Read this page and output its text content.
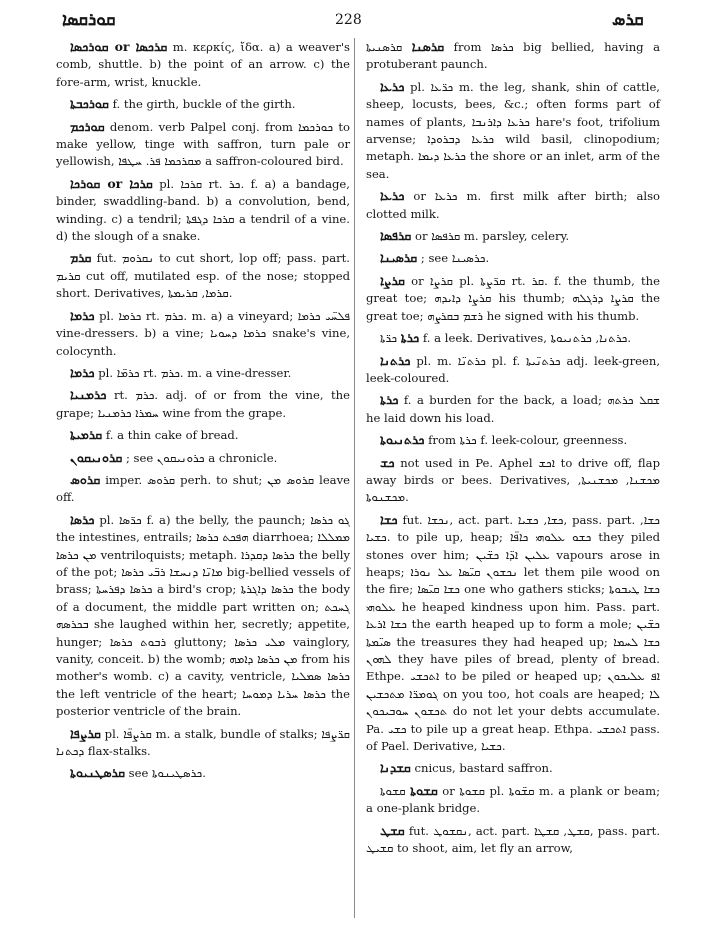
ܩܘܪܩܣܐ	228	ܩܪܣ

ܩܘܪܟܣܐ or ܩܪܟܣܐ m. κερκίς, ἴδα. a) a weaver's comb, shuttle. b) the point of an arrow. c) the fore-arm, wrist, knuckle.

ܩܘܪܟܒܬܐ f. the girth, buckle of the girth.

ܩܘܪܟܡ denom. verb Palpel conj. from ܟܘܪܟܡܐ to make yellow, tinge with saffron, turn pale or yellowish, ܡܩܪܟܡܐ ܦܪ. ܚܛܦܐ a saffron-coloured bird.

ܩܘܪܟܐ or ܩܪܟܐ pl. ܩܪܟܐ rt. ܟܪ. f. a) a bandage, binder, swaddling-band. b) a convolution, bend, winding. c) a tendril; ܩܪܟܐ ܕܓܦܬܐ a tendril of a vine. d) the slough of a snake.

ܩܪܡ fut. ܢܩܪܘܡ to cut short, lop off; pass. part. ܩܪܝܡ cut off, mutilated esp. of the nose; stopped short. Derivatives, ܩܪܡܐ, ܩܪܝܡܬܐ.

ܟܪܡܐ pl. ܟܪܡܐ rt. ܟܪܡ. m. a) a vineyard; ܦܠܚ̈ܝ ܟܪܡܐ vine-dressers. b) a vine; ܟܪܡܐ ܕܚܘܝܐ snake's vine, colocynth.

ܟܪܡܐ pl. ܟܪܡ̈ܐ rt. ܟܪܡ. m. a vine-dresser.

ܟܪܡܢܝܐ rt. ܟܪܡ. adj. of or from the vine, the grape; ܚܡܪܐ ܟܪܡܢܝܐ wine from the grape.

ܩܪܡܝܬܐ f. a thin cake of bread.

ܩܪܘܢܝܩܘܢ ; see ܟܪܘܢܝܩܘܢ a chronicle.

ܩܪܘܣ imper. ܩܪܘܣ perh. to shut; ܩܪܘܣ ܡܢ leave off.

ܟܪܣܐ pl. ܟܪ̈ܣܐ f. a) the belly, the paunch; ܓܘ ܟܪܣܐ the intestines, entrails; ܗܦܟܬ ܟܪܣܐ diarrhoea; ܡܡܠܠܐ ܡܢ ܟܪܣܐ ventriloquists; metaph. ܟܪܣܐ ܕܩܕܪܐ the belly of the pot; ܡܐܢ̈ܐ ܕܢܚܫܐ ܪܒ̈ܝ ܟܪܣܐ big-bellied vessels of brass; ܟܪܣܐ ܕܦܪܚܬܐ a bird's crop; ܟܪܣܐ ܕܐܓܪܬܐ the body of a document, the middle part written on; ܓܚܟܬ ܒܟܪܣܗ she laughed within her, secretly; appetite, hunger; ܪܒܘܬ ܟܪܣܐ gluttony; ܡܠܝ ܟܪܣܐ vainglory, vanity, conceit. b) the womb; ܡܢ ܟܪܣܐ ܕܐܡܗ from his mother's womb. c) a cavity, ventricle, ܟܪܣܐ ܣܡܠܝܐ the left ventricle of the heart; ܟܪܣܐ ܚܪܝܐ ܕܡܘܚܐ the posterior ventricle of the brain.

ܩܪܨܦܐ pl. ܩܪܨܦ̈ܐ m. a stalk, bundle of stalks; ܩܪ̈ܨܦܐ ܕܟܬܢܐ flax-stalks.

ܩܪܣܛܢܝܘܬܐ see ܟܪܣܛܝܢܘܬܐ.

ܩܪܣܢܐ ܩܪܣܢܝܬܐ from ܟܪܣܐ big bellied, having a protuberant paunch.

ܟܪܥܐ pl. ܟܪ̈ܥܐ m. the leg, shank, shin of cattle, sheep, locusts, bees, &c.; often forms part of names of plants, ܟܪܥܐ ܕܐܪܢܒܐ hare's foot, trifolium arvense; ܟܪܥܐ ܕܒܪܘܕܐ wild basil, clinopodium; metaph. ܟܪܥܐ ܕܝܡܐ the shore or an inlet, arm of the sea.

ܟܪܥܐ or ܟܪܥܐ m. first milk after birth; also clotted milk.

ܩܪܦܣܐ or ܩܪܦܣܐ m. parsley, celery.

ܩܪܣܝܢܐ ; see ܟܪܣܝܢܐ.

ܩܪܨܐ or ܩܪܨܐ pl. ܩܪ̈ܨܬܐ rt. ܩܪ. f. the thumb, the great toe; ܩܪܨܐ ܕܐܝܕܗ his thumb; ܩܪܨܐ ܕܪܓܠܗ the great toe; ܪܫܡ ܒܩܪܨܗ he signed with his thumb.

ܟܪܬܐ ܟܪ̈ܬܐ f. a leek. Derivatives, ܟܪܬܢܐ, ܟܪܬܢܝܘܬܐ.

ܟܪܬܢܐ pl. m. ܟܪܬܢ̈ܐ pl. f. ܟܪܬܢ̈ܝܬܐ adj. leek-green, leek-coloured.

ܟܪܬܐ f. a burden for the back, a load; ܫܩܠ ܟܪܬܗ he laid down his load.

ܟܪܬܢܝܘܬܐ from ܟܪܬܐ f. leek-colour, greenness.

ܟܫ not used in Pe. Aphel ܐܟܫ to drive off, flap away birds or bees. Derivatives, ܡܟܫܢܐ, ܡܟܫܢܝܬܐ, ܡܟܫܢܘܬܐ.

ܟܫܐ fut. ܢܟܫܐ, act. part. ܟܫܐ, ܟܫܝܐ, pass. part. ܟܫܐ, ܟܫܝܐ. to pile up, heap; ܟܫܘ ܥܠܘܗܝ ܟܐܦ̈ܐ they piled stones over him; ܥܠܝܢ ܐܕ̈ܐ ܟܫ̈ܝܢ vapours arose in heaps; ܢܟܫܘܢ ܩܝ̈ܣܐ ܥܠ ܢܘܪܐ let them pile wood on the fire; ܟܫܐ ܩܝ̈ܣܐ one who gathers sticks; ܟܫܐ ܛܝܒܘܬܐ ܥܠܘܗܝ he heaped kindness upon him. Pass. part. ܟܫܐ ܐܪܥܐ the earth heaped up to form a mole; ܟܫ̈ܝܢ ܣܝ̈ܡܬܐ the treasures they had heaped up; ܟܫܐ ܠܚܡܐ ܠܗܘܢ they have piles of bread, plenty of bread. Ethpe. ܐܬܟܫܝ to be piled or heaped up; ܐܦ ܥܠܝܟܘܢ ܓܘܡܪ̈ܐ ܡܬܟܫܝܢ on you too, hot coals are heaped; ܠܐ ܬܟܫܘܢ ܚܘܒܝܟܘܢ do not let your debts accumulate. Pa. ܟܫܝ to pile up a great heap. Ethpa. ܐܬܟܫܝ pass. of Pael. Derivative, ܟܫܝܐ.

ܩܫܕܢܐ cnicus, bastard saffron.

ܩܫܘܬܐ ܩܫܘܬܐ or ܩܫܘܬܐ pl. ܩܫ̈ܘܬܐ m. a plank or beam; a one-plank bridge.

ܩܫܛ fut. ܢܩܫܘܛ, act. part. ܩܫܛ, ܩܫܛܐ, pass. part. ܩܫܝܛ to shoot, aim, let fly an arrow,
